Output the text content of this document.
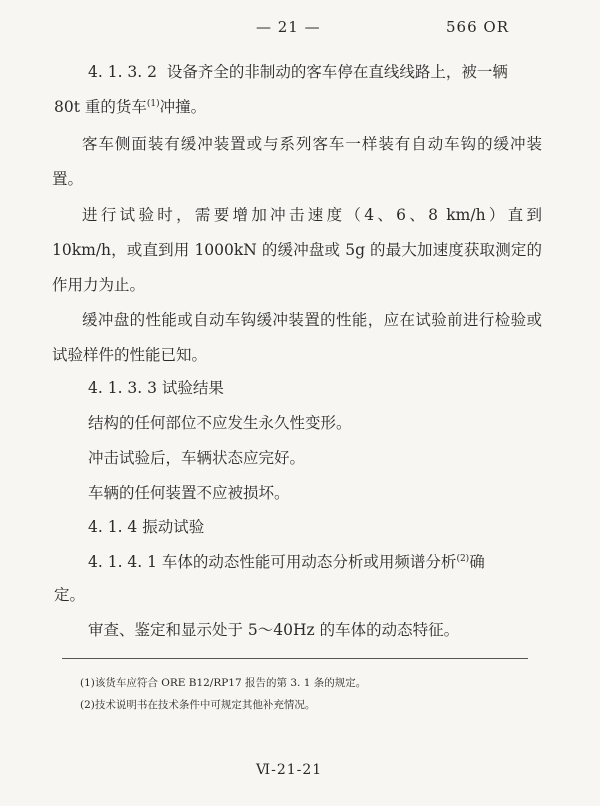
— 21 —	566 OR
4. 1. 3. 2 设备齐全的非制动的客车停在直线线路上，被一辆
80t 重的货车$^{(1)}$冲撞。

客车侧面装有缓冲装置或与系列客车一样装有自动车钩的缓冲装置。

进行试验时，需要增加冲击速度（4、6、8 km/h）直到 10km/h，或直到用 1000kN 的缓冲盘或 5g 的最大加速度获取测定的作用力为止。

缓冲盘的性能或自动车钩缓冲装置的性能，应在试验前进行检验或试验样件的性能已知。

4. 1. 3. 3 试验结果
结构的任何部位不应发生永久性变形。
冲击试验后，车辆状态应完好。
车辆的任何装置不应被损坏。
4. 1. 4 振动试验
4. 1. 4. 1 车体的动态性能可用动态分析或用频谱分析$^{(2)}$确
定。
审查、鉴定和显示处于 5～40Hz 的车体的动态特征。
(1)该货车应符合 ORE B12/RP17 报告的第 3. 1 条的规定。
(2)技术说明书在技术条件中可规定其他补充情况。
Ⅵ-21-21
